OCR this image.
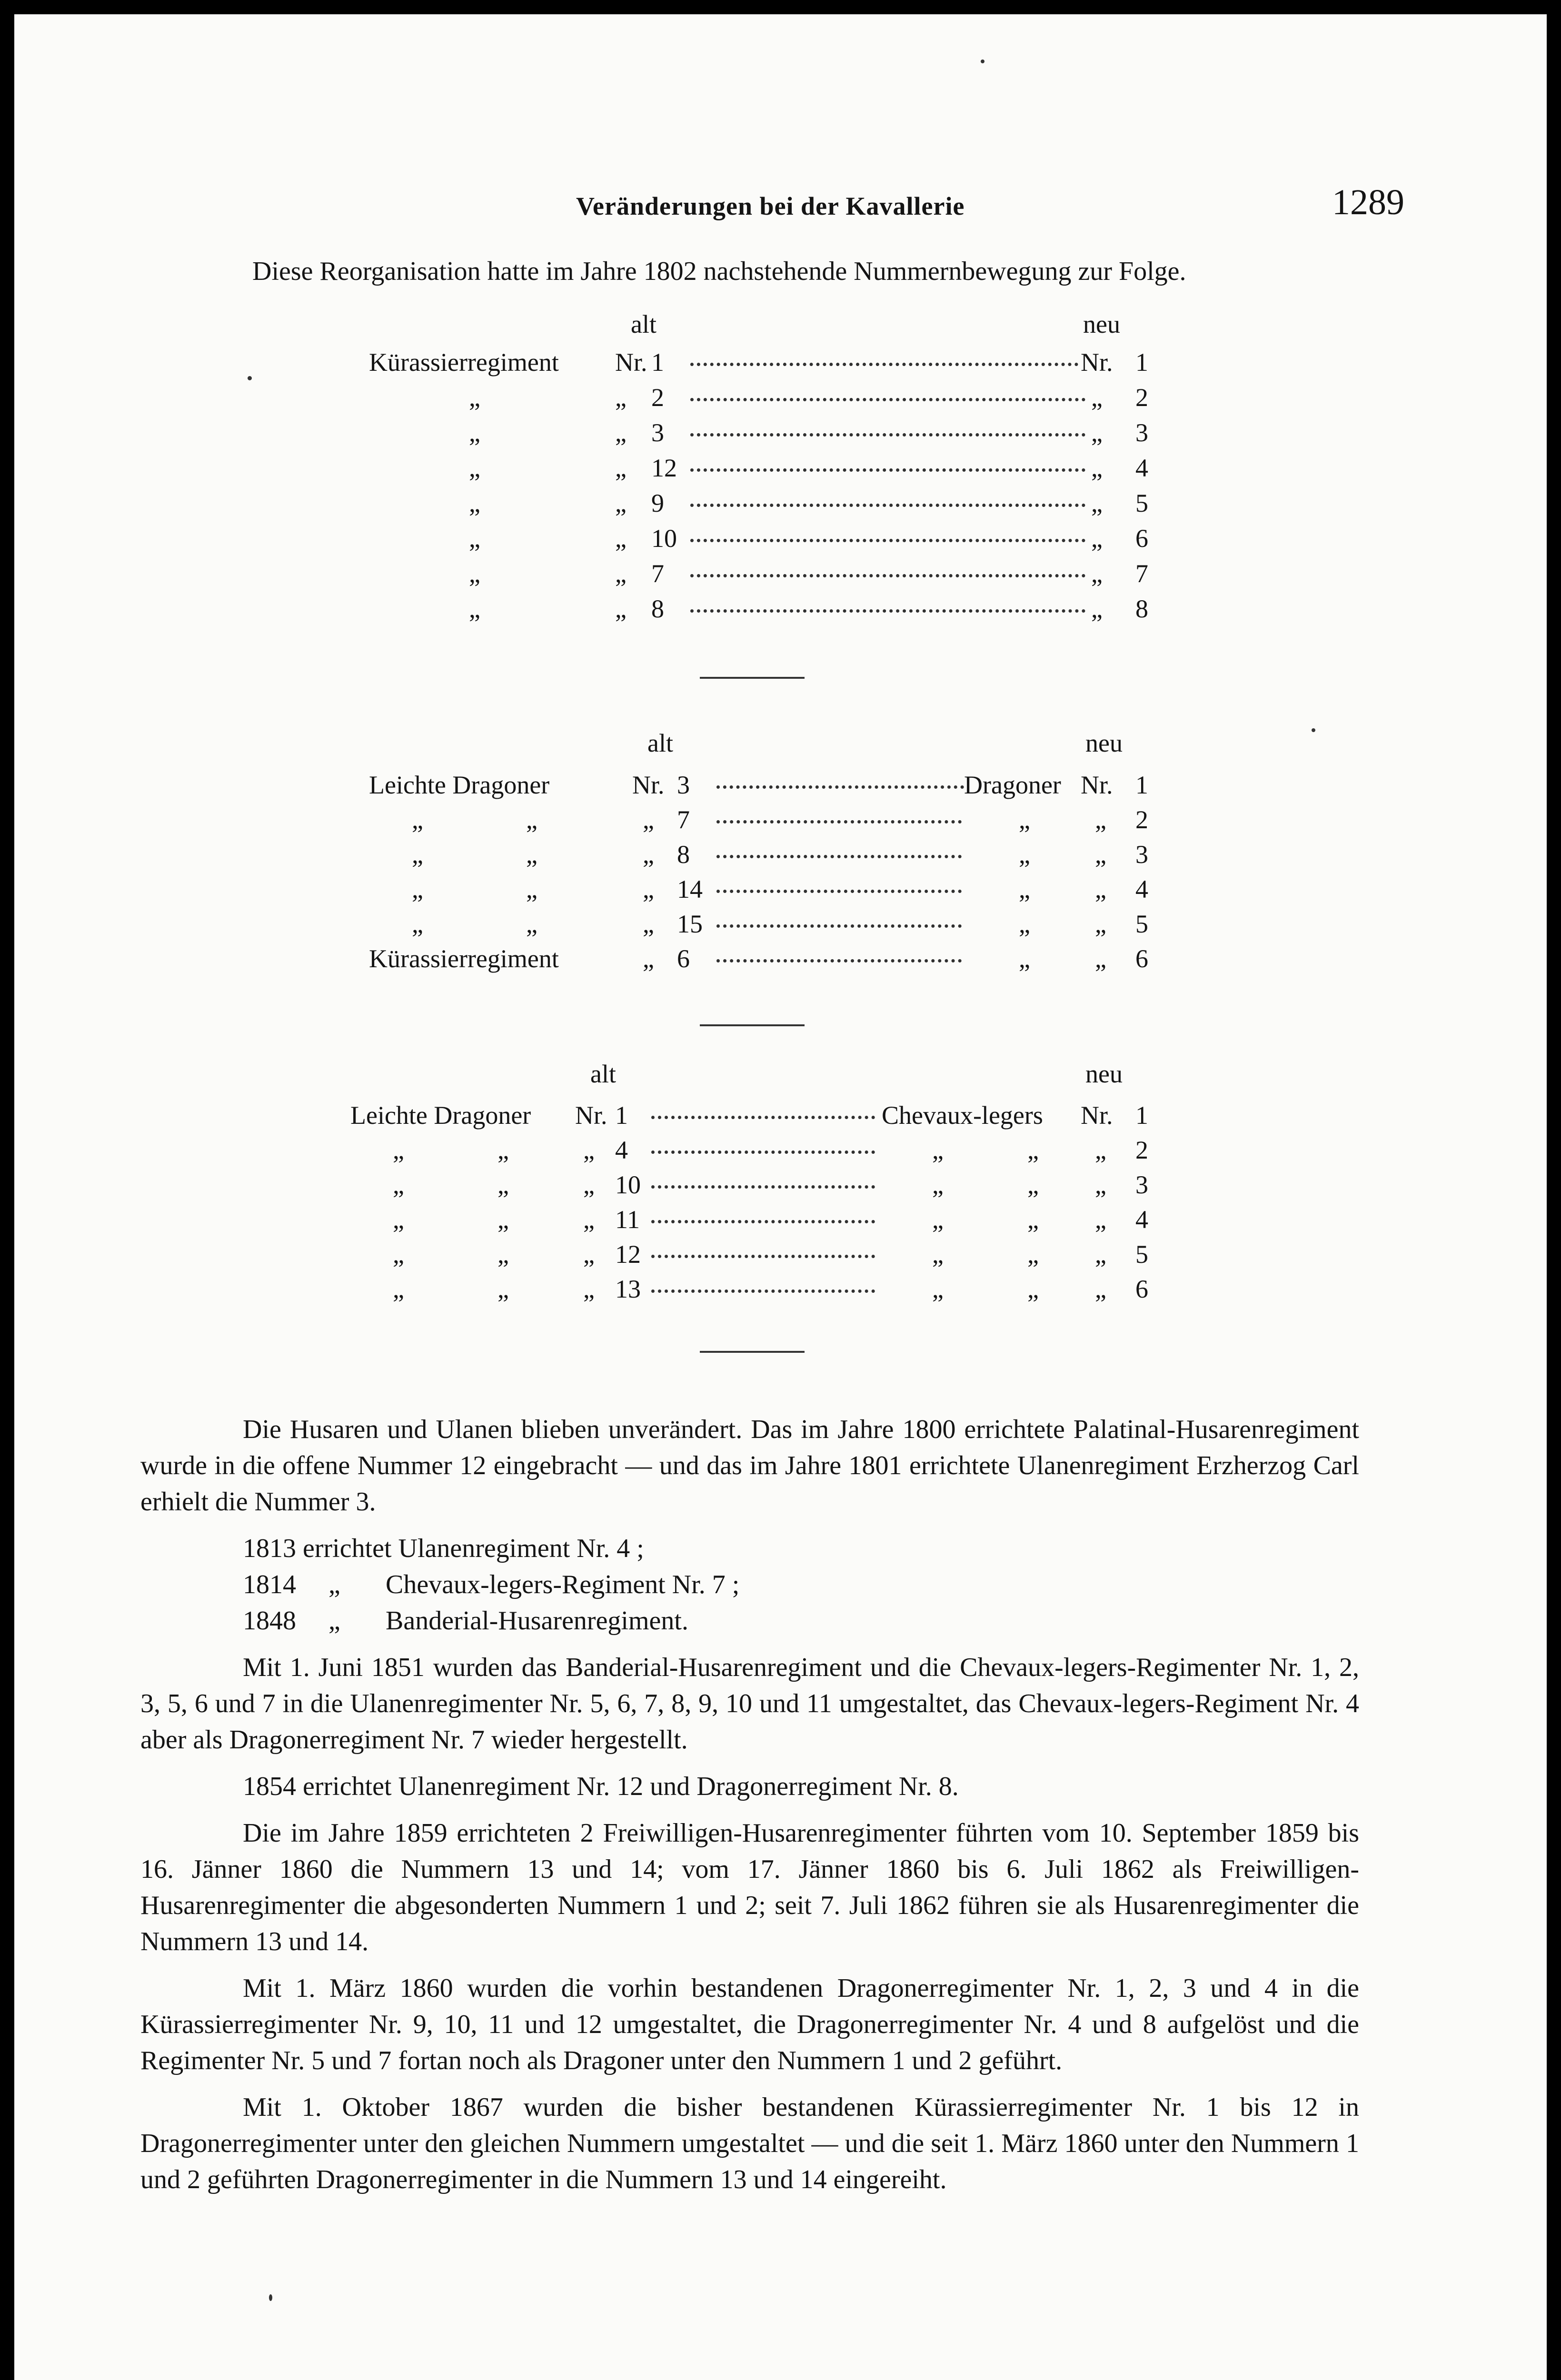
Veränderungen bei der Kavallerie	1289
Diese Reorganisation hatte im Jahre 1802 nachstehende Nummernbewegung zur Folge.
alt	neu
Kürassierregiment	Nr. 1	Nr. 1
„	„ 2	„	2
„	„ 3	„	3
„	„ 12	„	4
„	„ 9	„	5
„	„ 10	„	6
„	„ 7	„	7
„	„ 8	„	8
alt	neu
Leichte Dragoner	Nr. 3	Dragoner Nr. 1
„	„	„ 7	„	„	2
„	„	„ 8	„	„	3
„	„	„ 14	„	„	4
„	„	„ 15	„	„	5
Kürassierregiment	„ 6	„	„	6
alt	neu
Leichte Dragoner	Nr. 1	Chevaux-legers	Nr. 1
„	„	„ 4	„	„ „	2
„	„	„ 10	„	„ „	3
„	„	„ 11	„	„ „	4
„	„	„ 12	„	„ „	5
„	„	„ 13	„	„ „	6

Die Husaren und Ulanen blieben unverändert. Das im Jahre 1800 errichtete Palatinal-Husarenregiment wurde in die offene Nummer 12 eingebracht — und das im Jahre 1801 errichtete Ulanenregiment Erzherzog Carl erhielt die Nummer 3.

1813 errichtet Ulanenregiment Nr. 4 ;
1814	„	Chevaux-legers-Regiment Nr. 7 ;
1848	„	Banderial-Husarenregiment.

Mit 1. Juni 1851 wurden das Banderial-Husarenregiment und die Chevaux-legers-Regimenter Nr. 1, 2, 3, 5, 6 und 7 in die Ulanenregimenter Nr. 5, 6, 7, 8, 9, 10 und 11 umgestaltet, das Chevaux-legers-Regiment Nr. 4 aber als Dragonerregiment Nr. 7 wieder hergestellt.

1854 errichtet Ulanenregiment Nr. 12 und Dragonerregiment Nr. 8.

Die im Jahre 1859 errichteten 2 Freiwilligen-Husarenregimenter führten vom 10. September 1859 bis 16. Jänner 1860 die Nummern 13 und 14; vom 17. Jänner 1860 bis 6. Juli 1862 als Freiwilligen-Husarenregimenter die abgesonderten Nummern 1 und 2; seit 7. Juli 1862 führen sie als Husarenregimenter die Nummern 13 und 14.

Mit 1. März 1860 wurden die vorhin bestandenen Dragonerregimenter Nr. 1, 2, 3 und 4 in die Kürassierregimenter Nr. 9, 10, 11 und 12 umgestaltet, die Dragonerregimenter Nr. 4 und 8 aufgelöst und die Regimenter Nr. 5 und 7 fortan noch als Dragoner unter den Nummern 1 und 2 geführt.

Mit 1. Oktober 1867 wurden die bisher bestandenen Kürassierregimenter Nr. 1 bis 12 in Dragonerregimenter unter den gleichen Nummern umgestaltet — und die seit 1. März 1860 unter den Nummern 1 und 2 geführten Dragonerregimenter in die Nummern 13 und 14 eingereiht.
